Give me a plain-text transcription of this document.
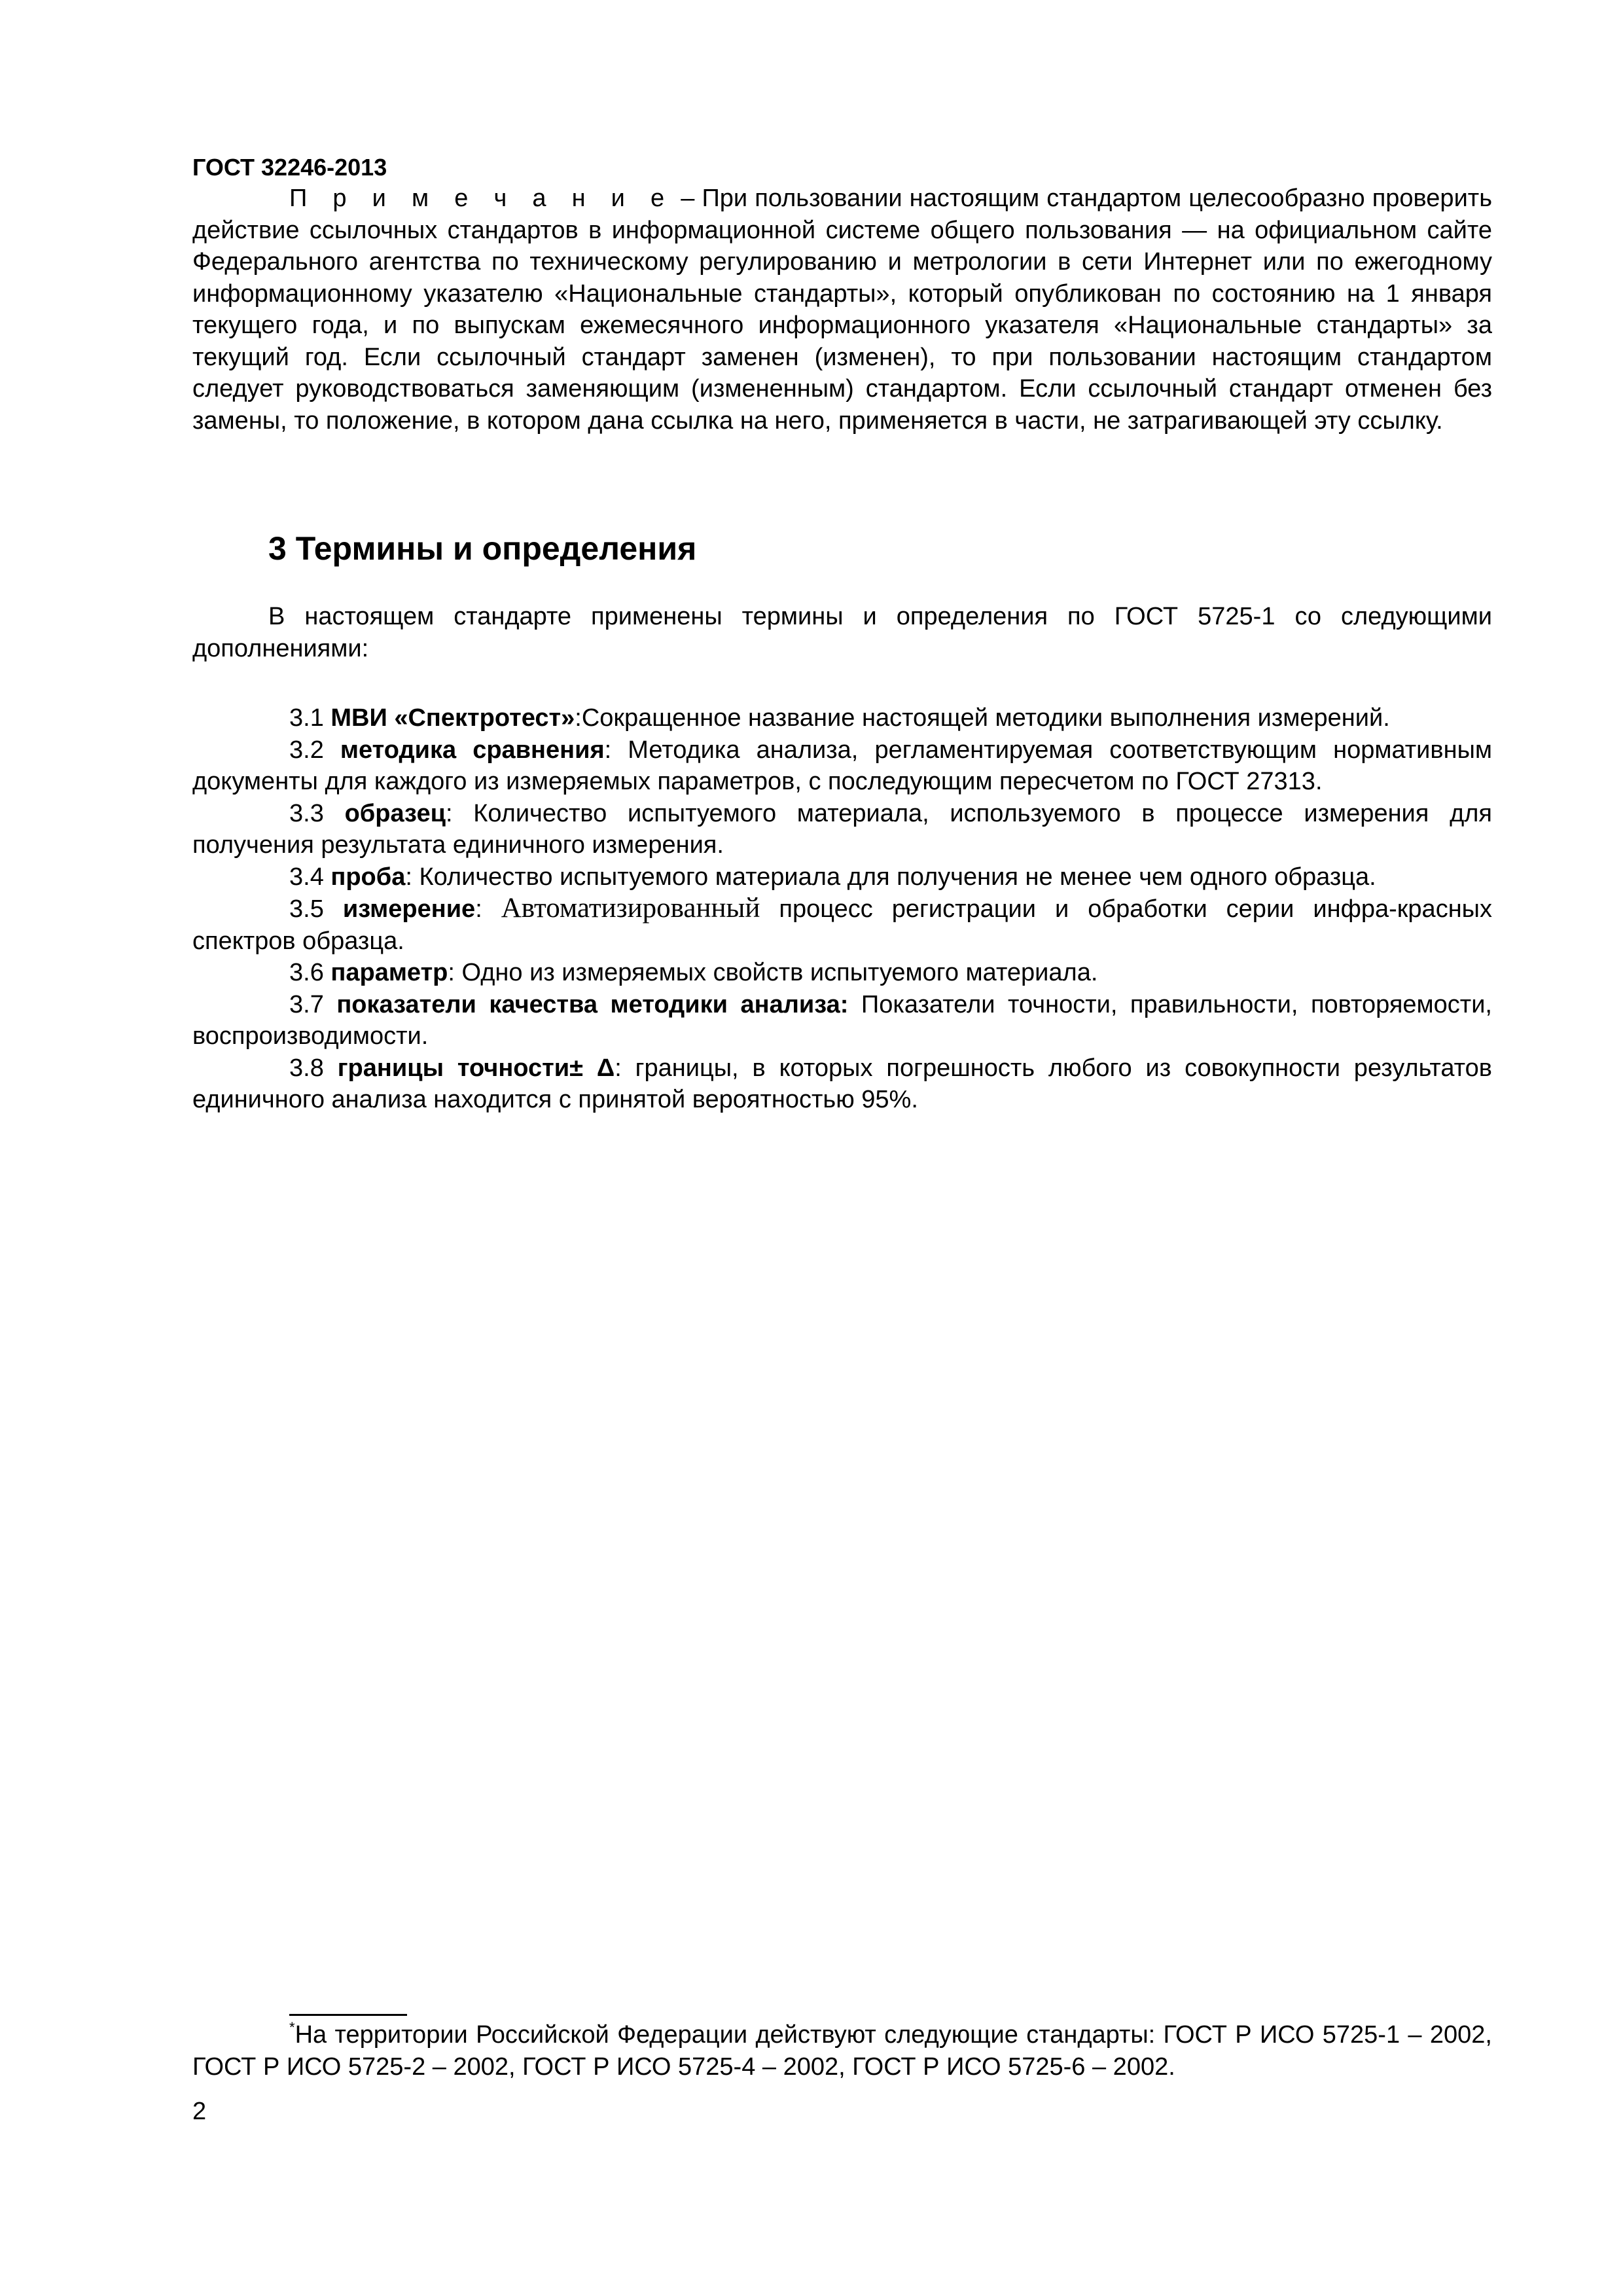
ГОСТ 32246-2013

П р и м е ч а н и е – При пользовании настоящим стандартом целесообразно проверить действие ссылочных стандартов в информационной системе общего пользования — на официальном сайте Федерального агентства по техническому регулированию и метрологии в сети Интернет или по ежегодному информационному указателю «Национальные стандарты», который опубликован по состоянию на 1 января текущего года, и по выпускам ежемесячного информационного указателя «Национальные стандарты» за текущий год. Если ссылочный стандарт заменен (изменен), то при пользовании настоящим стандартом следует руководствоваться заменяющим (измененным) стандартом. Если ссылочный стандарт отменен без замены, то положение, в котором дана ссылка на него, применяется в части, не затрагивающей эту ссылку.

3 Термины и определения

В настоящем стандарте применены термины и определения по ГОСТ 5725-1 со следующими дополнениями:

3.1 МВИ «Спектротест»:Сокращенное название настоящей методики выполнения измерений.

3.2 методика сравнения: Методика анализа, регламентируемая соответствующим нормативным документы для каждого из измеряемых параметров, с последующим пересчетом по ГОСТ 27313.

3.3 образец: Количество испытуемого материала, используемого в процессе измерения для получения результата единичного измерения.

3.4 проба: Количество испытуемого материала для получения не менее чем одного образца.

3.5 измерение: Автоматизированный процесс регистрации и обработки серии инфра-красных спектров образца.

3.6 параметр: Одно из измеряемых свойств испытуемого материала.

3.7 показатели качества методики анализа: Показатели точности, правильности, повторяемости, воспроизводимости.

3.8 границы точности± Δ: границы, в которых погрешность любого из совокупности результатов единичного анализа находится с принятой вероятностью 95%.

*На территории Российской Федерации действуют следующие стандарты: ГОСТ Р ИСО 5725-1 – 2002, ГОСТ Р ИСО 5725-2 – 2002, ГОСТ Р ИСО 5725-4 – 2002, ГОСТ Р ИСО 5725-6 – 2002.

2
